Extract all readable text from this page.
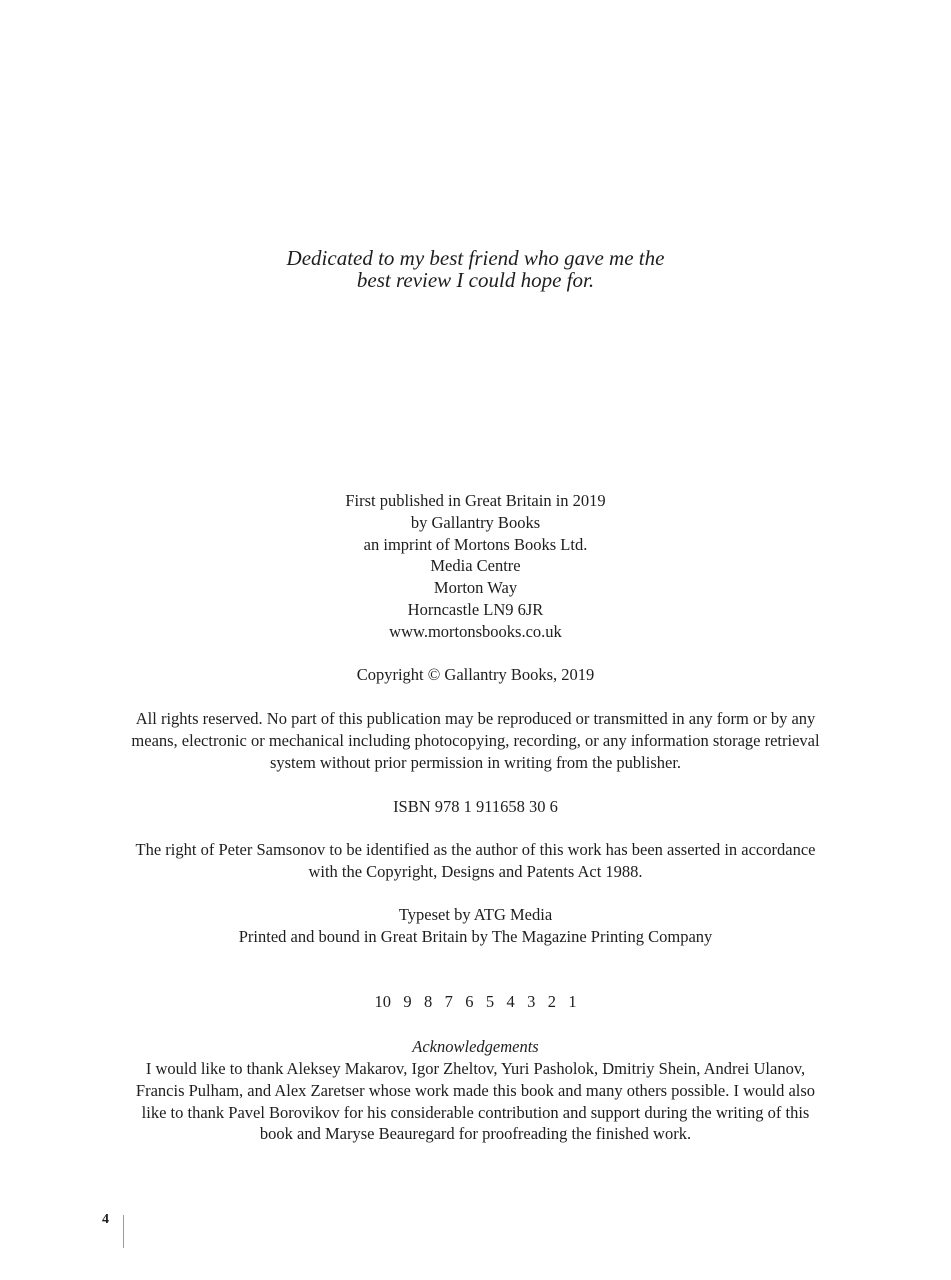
Dedicated to my best friend who gave me the
best review I could hope for.
First published in Great Britain in 2019
by Gallantry Books
an imprint of Mortons Books Ltd.
Media Centre
Morton Way
Horncastle LN9 6JR
www.mortonsbooks.co.uk

Copyright © Gallantry Books, 2019
All rights reserved. No part of this publication may be reproduced or transmitted in any form or by any means, electronic or mechanical including photocopying, recording, or any information storage retrieval system without prior permission in writing from the publisher.
ISBN 978 1 911658 30 6
The right of Peter Samsonov to be identified as the author of this work has been asserted in accordance with the Copyright, Designs and Patents Act 1988.
Typeset by ATG Media
Printed and bound in Great Britain by The Magazine Printing Company
10   9   8   7   6   5   4   3   2   1
Acknowledgements
I would like to thank Aleksey Makarov, Igor Zheltov, Yuri Pasholok, Dmitriy Shein, Andrei Ulanov, Francis Pulham, and Alex Zaretser whose work made this book and many others possible. I would also like to thank Pavel Borovikov for his considerable contribution and support during the writing of this book and Maryse Beauregard for proofreading the finished work.
4
